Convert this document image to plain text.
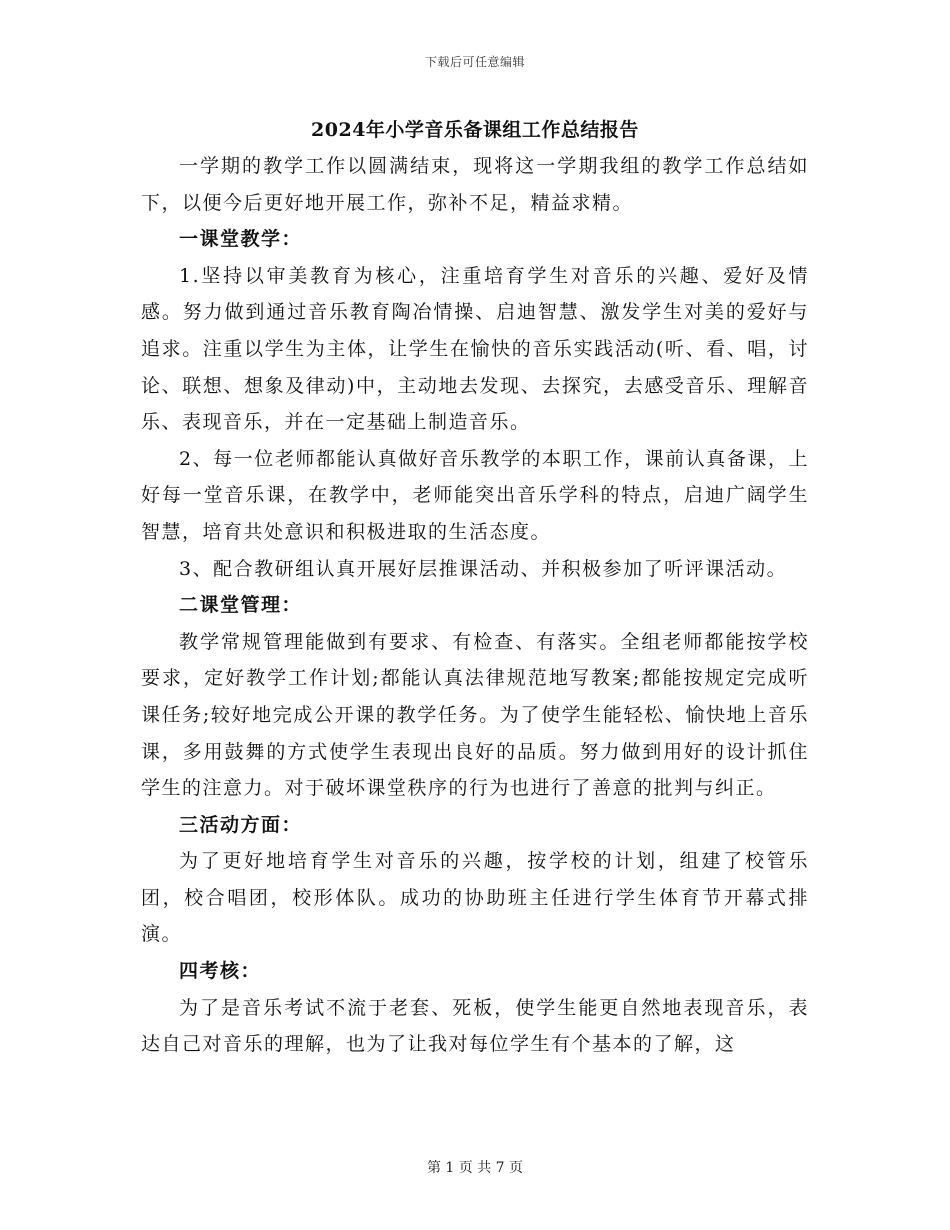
下载后可任意编辑
2024年小学音乐备课组工作总结报告

一学期的教学工作以圆满结束，现将这一学期我组的教学工作总结如下，以便今后更好地开展工作，弥补不足，精益求精。

一课堂教学：

1.坚持以审美教育为核心，注重培育学生对音乐的兴趣、爱好及情感。努力做到通过音乐教育陶冶情操、启迪智慧、激发学生对美的爱好与追求。注重以学生为主体，让学生在愉快的音乐实践活动(听、看、唱，讨论、联想、想象及律动)中，主动地去发现、去探究，去感受音乐、理解音乐、表现音乐，并在一定基础上制造音乐。

2、每一位老师都能认真做好音乐教学的本职工作，课前认真备课，上好每一堂音乐课，在教学中，老师能突出音乐学科的特点，启迪广阔学生智慧，培育共处意识和积极进取的生活态度。

3、配合教研组认真开展好层推课活动、并积极参加了听评课活动。

二课堂管理：

教学常规管理能做到有要求、有检查、有落实。全组老师都能按学校要求，定好教学工作计划;都能认真法律规范地写教案;都能按规定完成听课任务;较好地完成公开课的教学任务。为了使学生能轻松、愉快地上音乐课，多用鼓舞的方式使学生表现出良好的品质。努力做到用好的设计抓住学生的注意力。对于破坏课堂秩序的行为也进行了善意的批判与纠正。

三活动方面：

为了更好地培育学生对音乐的兴趣，按学校的计划，组建了校管乐团，校合唱团，校形体队。成功的协助班主任进行学生体育节开幕式排演。

四考核：

为了是音乐考试不流于老套、死板，使学生能更自然地表现音乐，表达自己对音乐的理解，也为了让我对每位学生有个基本的了解，这

第 1 页 共 7 页
